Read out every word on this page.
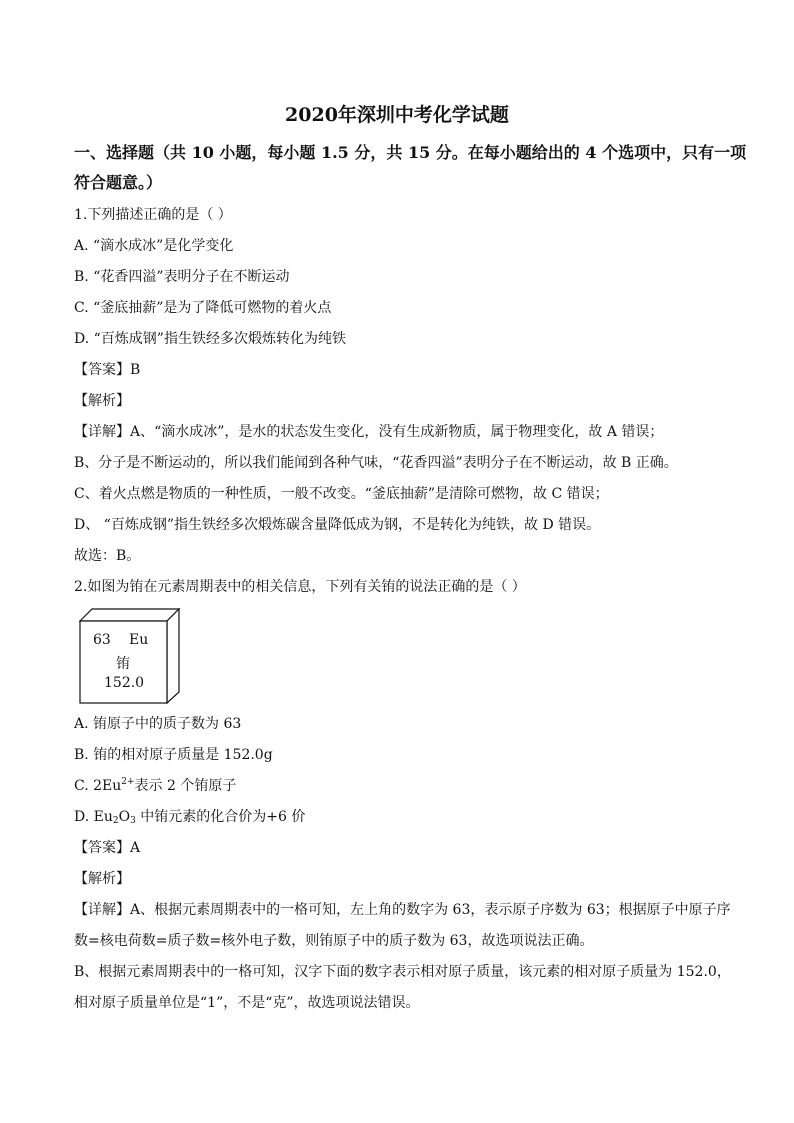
2020年深圳中考化学试题

一、选择题（共 10 小题，每小题 1.5 分，共 15 分。在每小题给出的 4 个选项中，只有一项

符合题意。）

1.下列描述正确的是（ ）

A. “滴水成冰”是化学变化

B. “花香四溢”表明分子在不断运动

C. “釜底抽薪”是为了降低可燃物的着火点

D. “百炼成钢”指生铁经多次煅炼转化为纯铁

【答案】B

【解析】

【详解】A、“滴水成冰”，是水的状态发生变化，没有生成新物质，属于物理变化，故 A 错误；

B、分子是不断运动的，所以我们能闻到各种气味，“花香四溢”表明分子在不断运动，故 B 正确。

C、着火点燃是物质的一种性质，一般不改变。“釜底抽薪”是清除可燃物，故 C 错误；

D、 “百炼成钢”指生铁经多次煅炼碳含量降低成为钢，不是转化为纯铁，故 D 错误。

故选：B。

2.如图为铕在元素周期表中的相关信息，下列有关铕的说法正确的是（ ）

63 Eu
铕
152.0

A. 铕原子中的质子数为 63

B. 铕的相对原子质量是 152.0g

C. $2Eu^{2+}$表示 2 个铕原子

D. $Eu_2O_3$ 中铕元素的化合价为+6 价

【答案】A

【解析】

【详解】A、根据元素周期表中的一格可知，左上角的数字为 63，表示原子序数为 63；根据原子中原子序

数=核电荷数=质子数=核外电子数，则铕原子中的质子数为 63，故选项说法正确。

B、根据元素周期表中的一格可知，汉字下面的数字表示相对原子质量，该元素的相对原子质量为 152.0，

相对原子质量单位是“1”，不是“克”，故选项说法错误。
